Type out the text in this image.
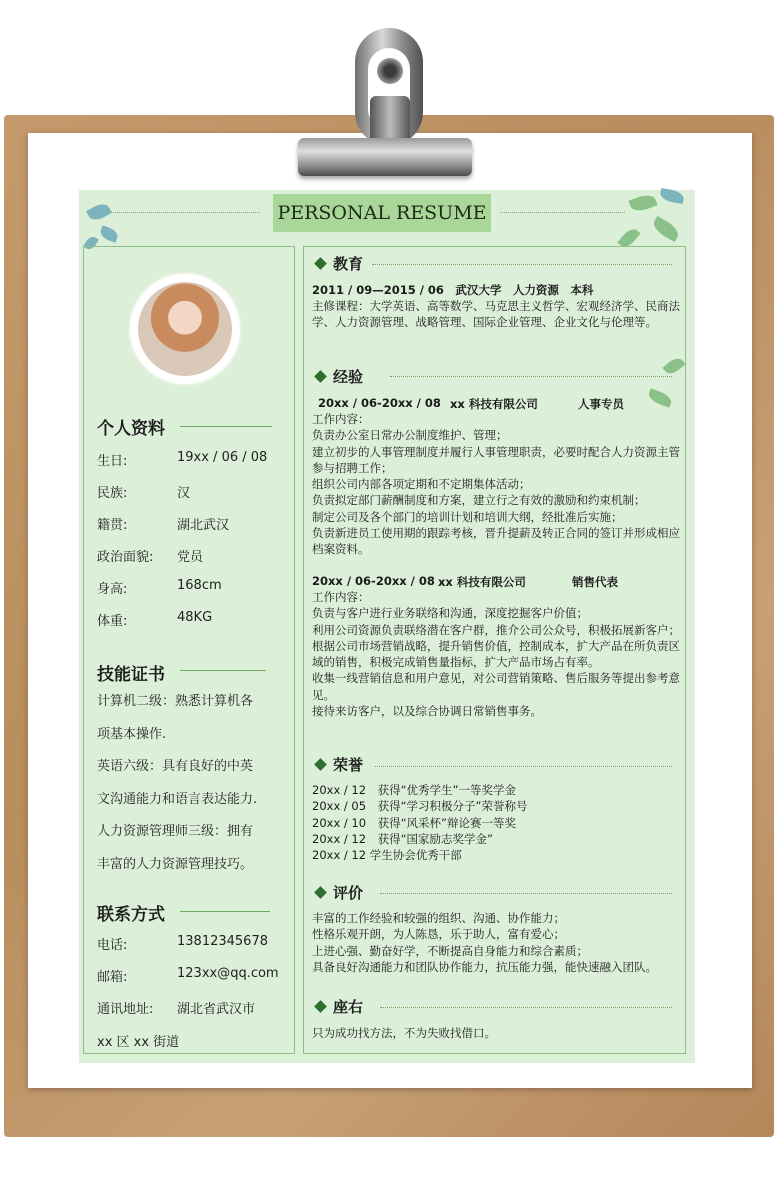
PERSONAL RESUME
个人资料
生日:	19xx / 06 / 08
民族:	汉
籍贯:	湖北武汉
政治面貌: 党员
身高:	168cm
体重:	48KG
技能证书
计算机二级：熟悉计算机各
项基本操作.
英语六级：具有良好的中英
文沟通能力和语言表达能力.
人力资源管理师三级：拥有
丰富的人力资源管理技巧。
联系方式
电话:	13812345678
邮箱:	123xx@qq.com
通讯地址: 湖北省武汉市
xx 区 xx 街道
教育
2011 / 09—2015 / 06　武汉大学　人力资源　本科
主修课程：大学英语、高等数学、马克思主义哲学、宏观经济学、民商法学、人力资源管理、战略管理、国际企业管理、企业文化与伦理等。
经验
20xx / 06-20xx / 08 xx 科技有限公司	人事专员
工作内容：
负责办公室日常办公制度维护、管理；
建立初步的人事管理制度并履行人事管理职责，必要时配合人力资源主管参与招聘工作；
组织公司内部各项定期和不定期集体活动；
负责拟定部门薪酬制度和方案，建立行之有效的激励和约束机制；
制定公司及各个部门的培训计划和培训大纲，经批准后实施；
负责新进员工使用期的跟踪考核，晋升提薪及转正合同的签订并形成相应档案资料。
20xx / 06-20xx / 08 xx 科技有限公司	销售代表
工作内容：
负责与客户进行业务联络和沟通，深度挖掘客户价值；
利用公司资源负责联络潜在客户群，推介公司公众号，积极拓展新客户；
根据公司市场营销战略，提升销售价值，控制成本，扩大产品在所负责区域的销售，积极完成销售量指标，扩大产品市场占有率。
收集一线营销信息和用户意见，对公司营销策略、售后服务等提出参考意见。
接待来访客户，以及综合协调日常销售事务。
荣誉
20xx / 12　获得“优秀学生”一等奖学金
20xx / 05　获得“学习积极分子”荣誉称号
20xx / 10　获得“风采杯”辩论赛一等奖
20xx / 12　获得“国家励志奖学金”
20xx / 12 学生协会优秀干部
评价
丰富的工作经验和较强的组织、沟通、协作能力；
性格乐观开朗，为人陈恳，乐于助人，富有爱心；
上进心强、勤奋好学，不断提高自身能力和综合素质；
具备良好沟通能力和团队协作能力，抗压能力强，能快速融入团队。
座右
只为成功找方法，不为失败找借口。
